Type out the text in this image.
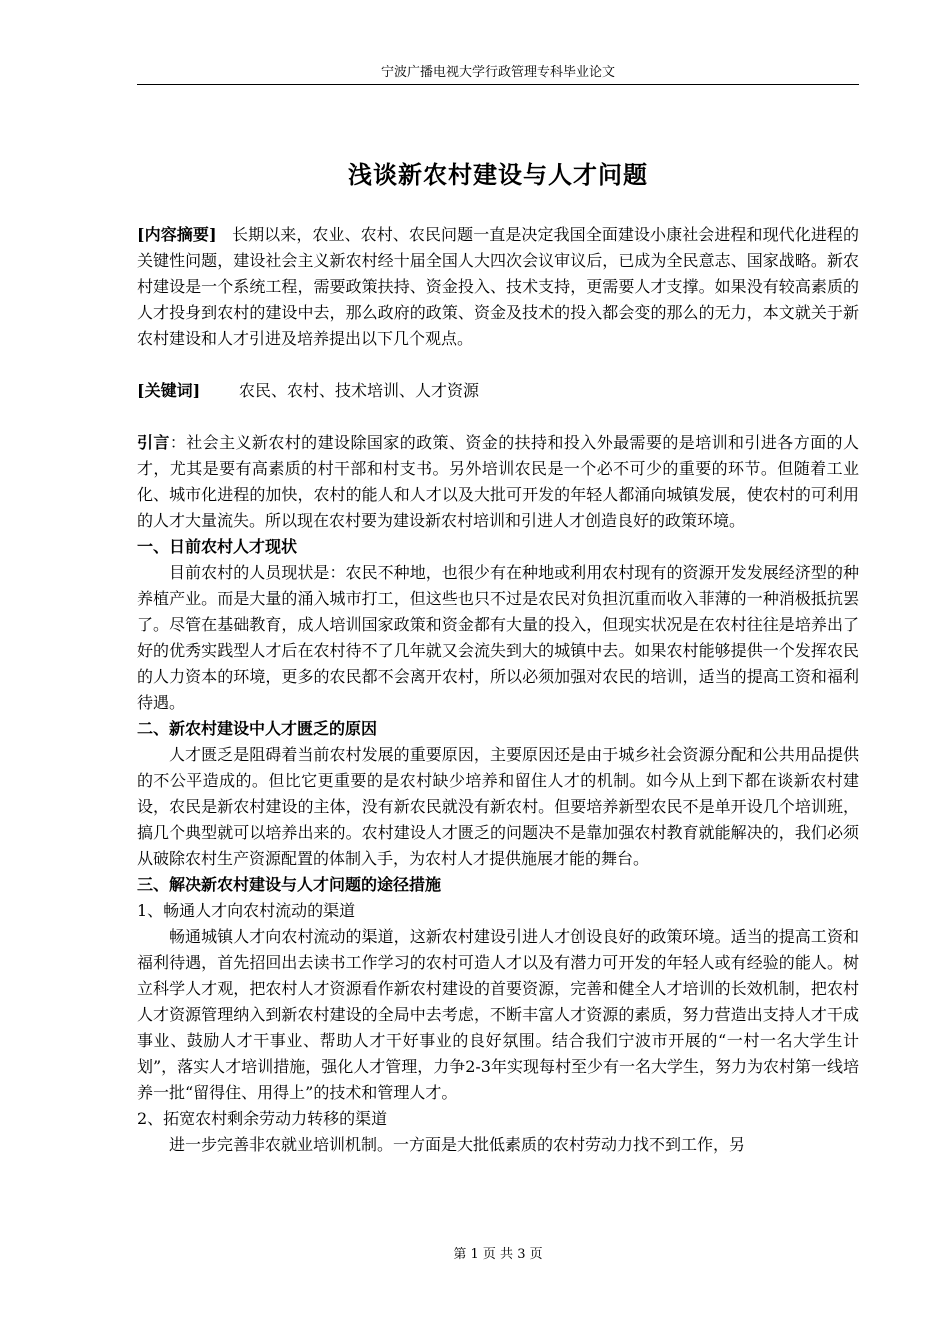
宁波广播电视大学行政管理专科毕业论文
浅谈新农村建设与人才问题

[内容摘要] 长期以来，农业、农村、农民问题一直是决定我国全面建设小康社会进程和现代化进程的关键性问题，建设社会主义新农村经十届全国人大四次会议审议后，已成为全民意志、国家战略。新农村建设是一个系统工程，需要政策扶持、资金投入、技术支持，更需要人才支撑。如果没有较高素质的人才投身到农村的建设中去，那么政府的政策、资金及技术的投入都会变的那么的无力，本文就关于新农村建设和人才引进及培养提出以下几个观点。

[关键词] 农民、农村、技术培训、人才资源

引言：社会主义新农村的建设除国家的政策、资金的扶持和投入外最需要的是培训和引进各方面的人才，尤其是要有高素质的村干部和村支书。另外培训农民是一个必不可少的重要的环节。但随着工业化、城市化进程的加快，农村的能人和人才以及大批可开发的年轻人都涌向城镇发展，使农村的可利用的人才大量流失。所以现在农村要为建设新农村培训和引进人才创造良好的政策环境。

一、日前农村人才现状

目前农村的人员现状是：农民不种地，也很少有在种地或利用农村现有的资源开发发展经济型的种养植产业。而是大量的涌入城市打工，但这些也只不过是农民对负担沉重而收入菲薄的一种消极抵抗罢了。尽管在基础教育，成人培训国家政策和资金都有大量的投入，但现实状况是在农村往往是培养出了好的优秀实践型人才后在农村待不了几年就又会流失到大的城镇中去。如果农村能够提供一个发挥农民的人力资本的环境，更多的农民都不会离开农村，所以必须加强对农民的培训，适当的提高工资和福利待遇。

二、新农村建设中人才匮乏的原因

人才匮乏是阻碍着当前农村发展的重要原因，主要原因还是由于城乡社会资源分配和公共用品提供的不公平造成的。但比它更重要的是农村缺少培养和留住人才的机制。如今从上到下都在谈新农村建设，农民是新农村建设的主体，没有新农民就没有新农村。但要培养新型农民不是单开设几个培训班，搞几个典型就可以培养出来的。农村建设人才匮乏的问题决不是靠加强农村教育就能解决的，我们必须从破除农村生产资源配置的体制入手，为农村人才提供施展才能的舞台。

三、解决新农村建设与人才问题的途径措施

1、畅通人才向农村流动的渠道

畅通城镇人才向农村流动的渠道，这新农村建设引进人才创设良好的政策环境。适当的提高工资和福利待遇，首先招回出去读书工作学习的农村可造人才以及有潜力可开发的年轻人或有经验的能人。树立科学人才观，把农村人才资源看作新农村建设的首要资源，完善和健全人才培训的长效机制，把农村人才资源管理纳入到新农村建设的全局中去考虑，不断丰富人才资源的素质，努力营造出支持人才干成事业、鼓励人才干事业、帮助人才干好事业的良好氛围。结合我们宁波市开展的“一村一名大学生计划”，落实人才培训措施，强化人才管理，力争2-3年实现每村至少有一名大学生，努力为农村第一线培养一批“留得住、用得上”的技术和管理人才。

2、拓宽农村剩余劳动力转移的渠道

进一步完善非农就业培训机制。一方面是大批低素质的农村劳动力找不到工作，另

第 1 页 共 3 页
